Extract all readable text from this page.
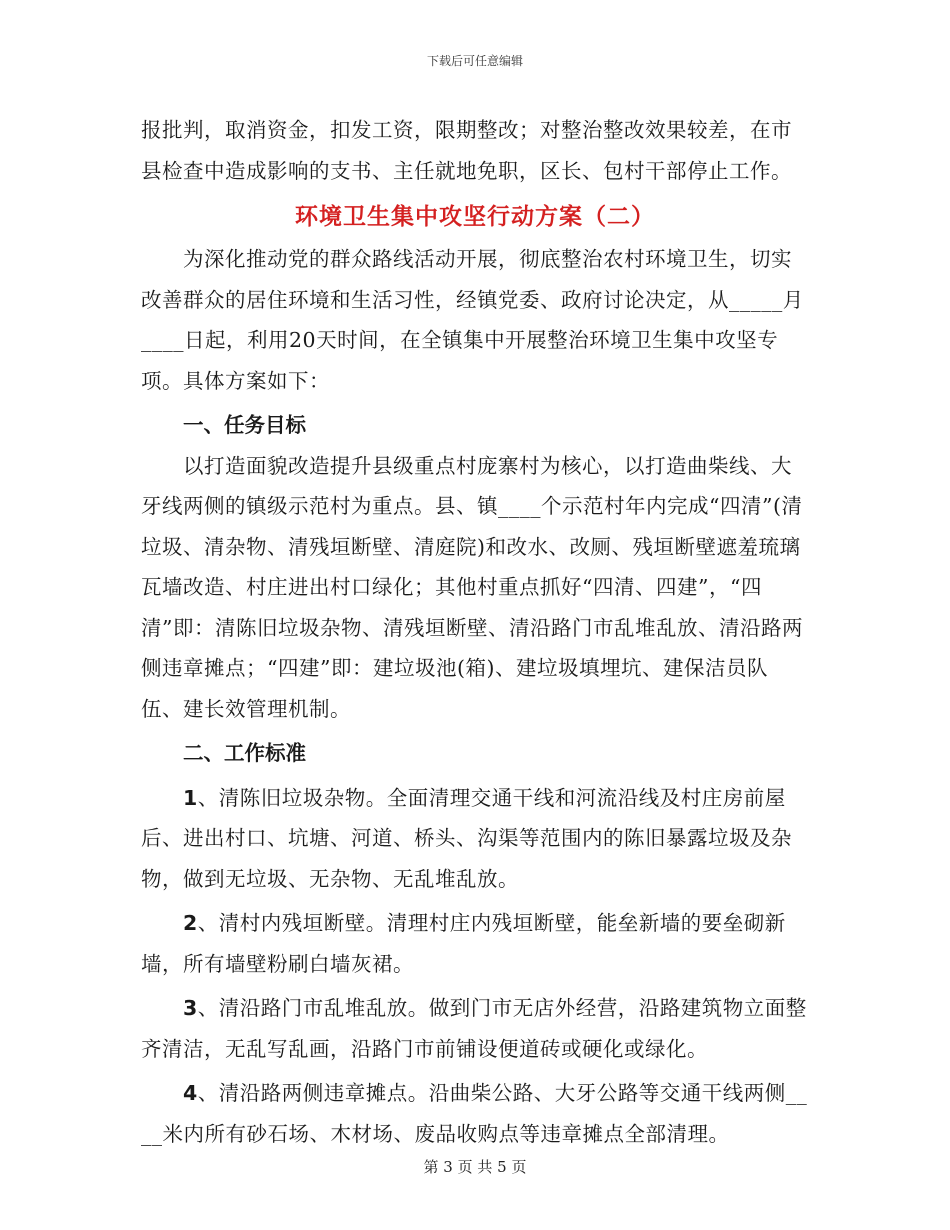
下载后可任意编辑

报批判，取消资金，扣发工资，限期整改；对整治整改效果较差，在市县检查中造成影响的支书、主任就地免职，区长、包村干部停止工作。

环境卫生集中攻坚行动方案（二）

为深化推动党的群众路线活动开展，彻底整治农村环境卫生，切实改善群众的居住环境和生活习性，经镇党委、政府讨论决定，从_____月____日起，利用20天时间，在全镇集中开展整治环境卫生集中攻坚专项。具体方案如下：

一、任务目标

以打造面貌改造提升县级重点村庞寨村为核心，以打造曲柴线、大牙线两侧的镇级示范村为重点。县、镇____个示范村年内完成“四清”(清垃圾、清杂物、清残垣断壁、清庭院)和改水、改厕、残垣断壁遮羞琉璃瓦墙改造、村庄进出村口绿化；其他村重点抓好“四清、四建”，“四清”即：清陈旧垃圾杂物、清残垣断壁、清沿路门市乱堆乱放、清沿路两侧违章摊点；“四建”即：建垃圾池(箱)、建垃圾填埋坑、建保洁员队伍、建长效管理机制。

二、工作标准

1、清陈旧垃圾杂物。全面清理交通干线和河流沿线及村庄房前屋后、进出村口、坑塘、河道、桥头、沟渠等范围内的陈旧暴露垃圾及杂物，做到无垃圾、无杂物、无乱堆乱放。

2、清村内残垣断壁。清理村庄内残垣断壁，能垒新墙的要垒砌新墙，所有墙壁粉刷白墙灰裙。

3、清沿路门市乱堆乱放。做到门市无店外经营，沿路建筑物立面整齐清洁，无乱写乱画，沿路门市前铺设便道砖或硬化或绿化。

4、清沿路两侧违章摊点。沿曲柴公路、大牙公路等交通干线两侧____米内所有砂石场、木材场、废品收购点等违章摊点全部清理。

第 3 页 共 5 页
